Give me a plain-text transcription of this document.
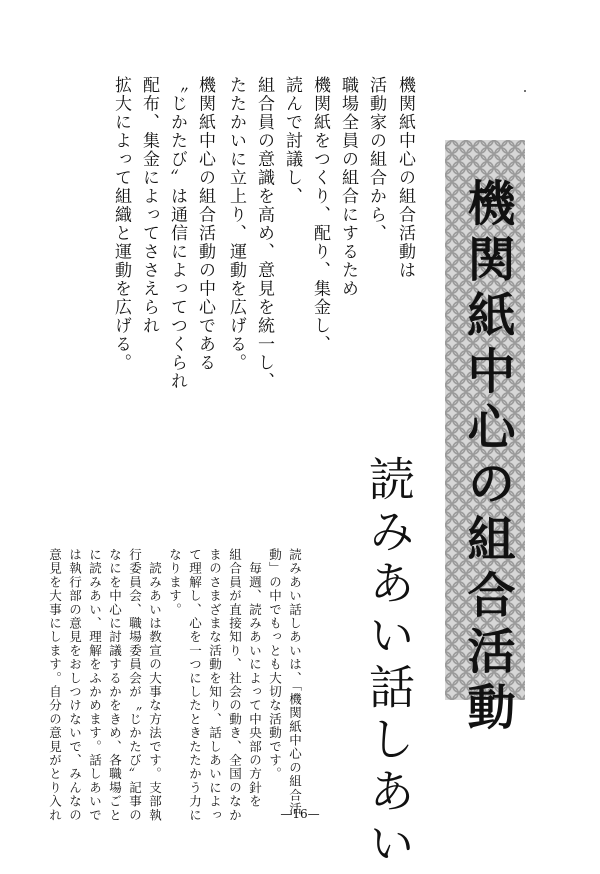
機関紙中心の組合活動は
活動家の組合から、
職場全員の組合にするため
機関紙をつくり、配り、集金し、
読んで討議し、
組合員の意識を高め、意見を統一し、
たたかいに立上り、運動を広げる。
機関紙中心の組合活動の中心である
〝じかたび〟は通信によってつくられ
配布、集金によってささえられ
拡大によって組織と運動を広げる。	機関紙中心の組合活動
読みあい話しあい
読みあい話しあいは、「機関紙中心の組合活
動」の中でもっとも大切な活動です。
　毎週、読みあいによって中央部の方針を
組合員が直接知り、社会の動き、全国のなか
まのさまざまな活動を知り、話しあいによっ
て理解し、心を一つにしたときたたかう力に
なります。
　読みあいは教宣の大事な方法です。支部執
行委員会、職場委員会が〝じかたび〟記事の
なにを中心に討議するかをきめ、各職場ごと
に読みあい、理解をふかめます。話しあいで
は執行部の意見をおしつけないで、みんなの
意見を大事にします。自分の意見がとり入れ	—16—
